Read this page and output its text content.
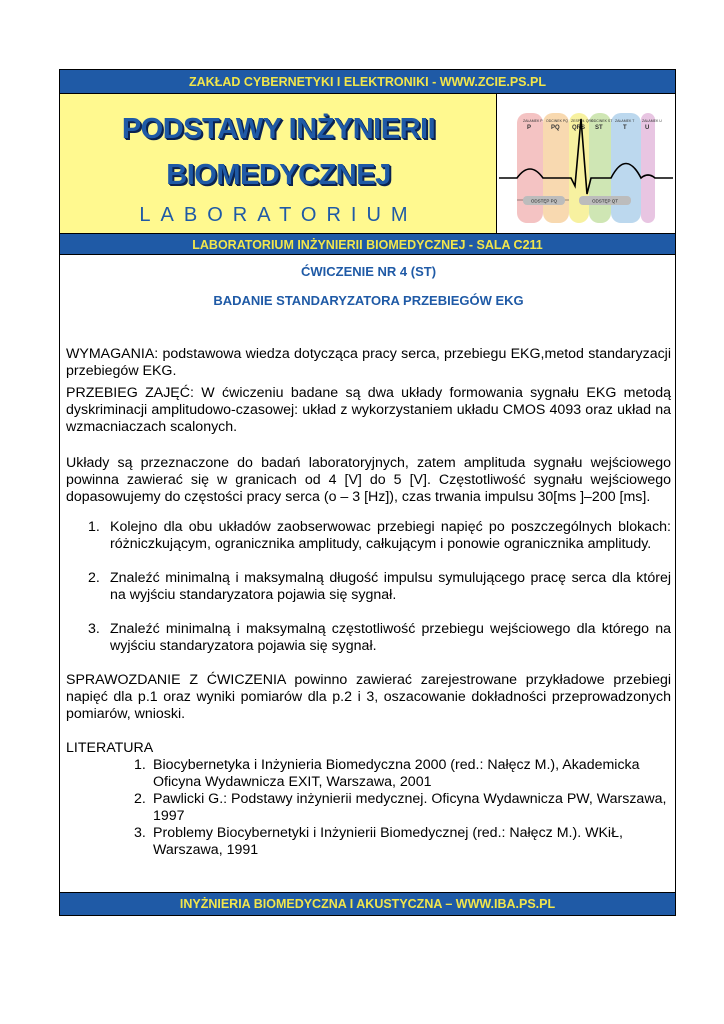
ZAKŁAD CYBERNETYKI I ELEKTRONIKI - WWW.ZCIE.PS.PL
PODSTAWY INŻYNIERII
BIOMEDYCZNEJ
LABORATORIUM
ZAŁAMEK P ODCINEK PQ ZESPÓŁ QRS
ODCINEK ST ZAŁAMEK T ZAŁAMEK U
P	PQ QRS ST	T	U
ODSTĘP PQ	ODSTĘP QT
LABORATORIUM INŻYNIERII BIOMEDYCZNEJ - SALA C211
ĆWICZENIE NR 4 (ST)
BADANIE STANDARYZATORA PRZEBIEGÓW EKG

WYMAGANIA: podstawowa wiedza dotycząca pracy serca, przebiegu EKG,metod standaryzacji przebiegów EKG.

PRZEBIEG ZAJĘĆ: W ćwiczeniu badane są dwa układy formowania sygnału EKG metodą dyskriminacji amplitudowo-czasowej: układ z wykorzystaniem układu CMOS 4093 oraz układ na wzmacniaczach scalonych.

Układy są przeznaczone do badań laboratoryjnych, zatem amplituda sygnału wejściowego powinna zawierać się w granicach od 4 [V] do 5 [V]. Częstotliwość sygnału wejściowego dopasowujemy do częstości pracy serca (o – 3 [Hz]), czas trwania impulsu 30[ms ]–200 [ms].

1. Kolejno dla obu układów zaobserwowac przebiegi napięć po poszczególnych blokach: różniczkującym, ogranicznika amplitudy, całkującym i ponowie ogranicznika amplitudy.
2. Znaleźć minimalną i maksymalną długość impulsu symulującego pracę serca dla której na wyjściu standaryzatora pojawia się sygnał.
3. Znaleźć minimalną i maksymalną częstotliwość przebiegu wejściowego dla którego na wyjściu standaryzatora pojawia się sygnał.

SPRAWOZDANIE Z ĆWICZENIA powinno zawierać zarejestrowane przykładowe przebiegi napięć dla p.1 oraz wyniki pomiarów dla p.2 i 3, oszacowanie dokładności przeprowadzonych pomiarów, wnioski.

LITERATURA
1. Biocybernetyka i Inżynieria Biomedyczna 2000 (red.: Nałęcz M.), Akademicka Oficyna Wydawnicza EXIT, Warszawa, 2001
2. Pawlicki G.: Podstawy inżynierii medycznej. Oficyna Wydawnicza PW, Warszawa, 1997
3. Problemy Biocybernetyki i Inżynierii Biomedycznej (red.: Nałęcz M.). WKiŁ, Warszawa, 1991
INYŻNIERIA BIOMEDYCZNA I AKUSTYCZNA – WWW.IBA.PS.PL
